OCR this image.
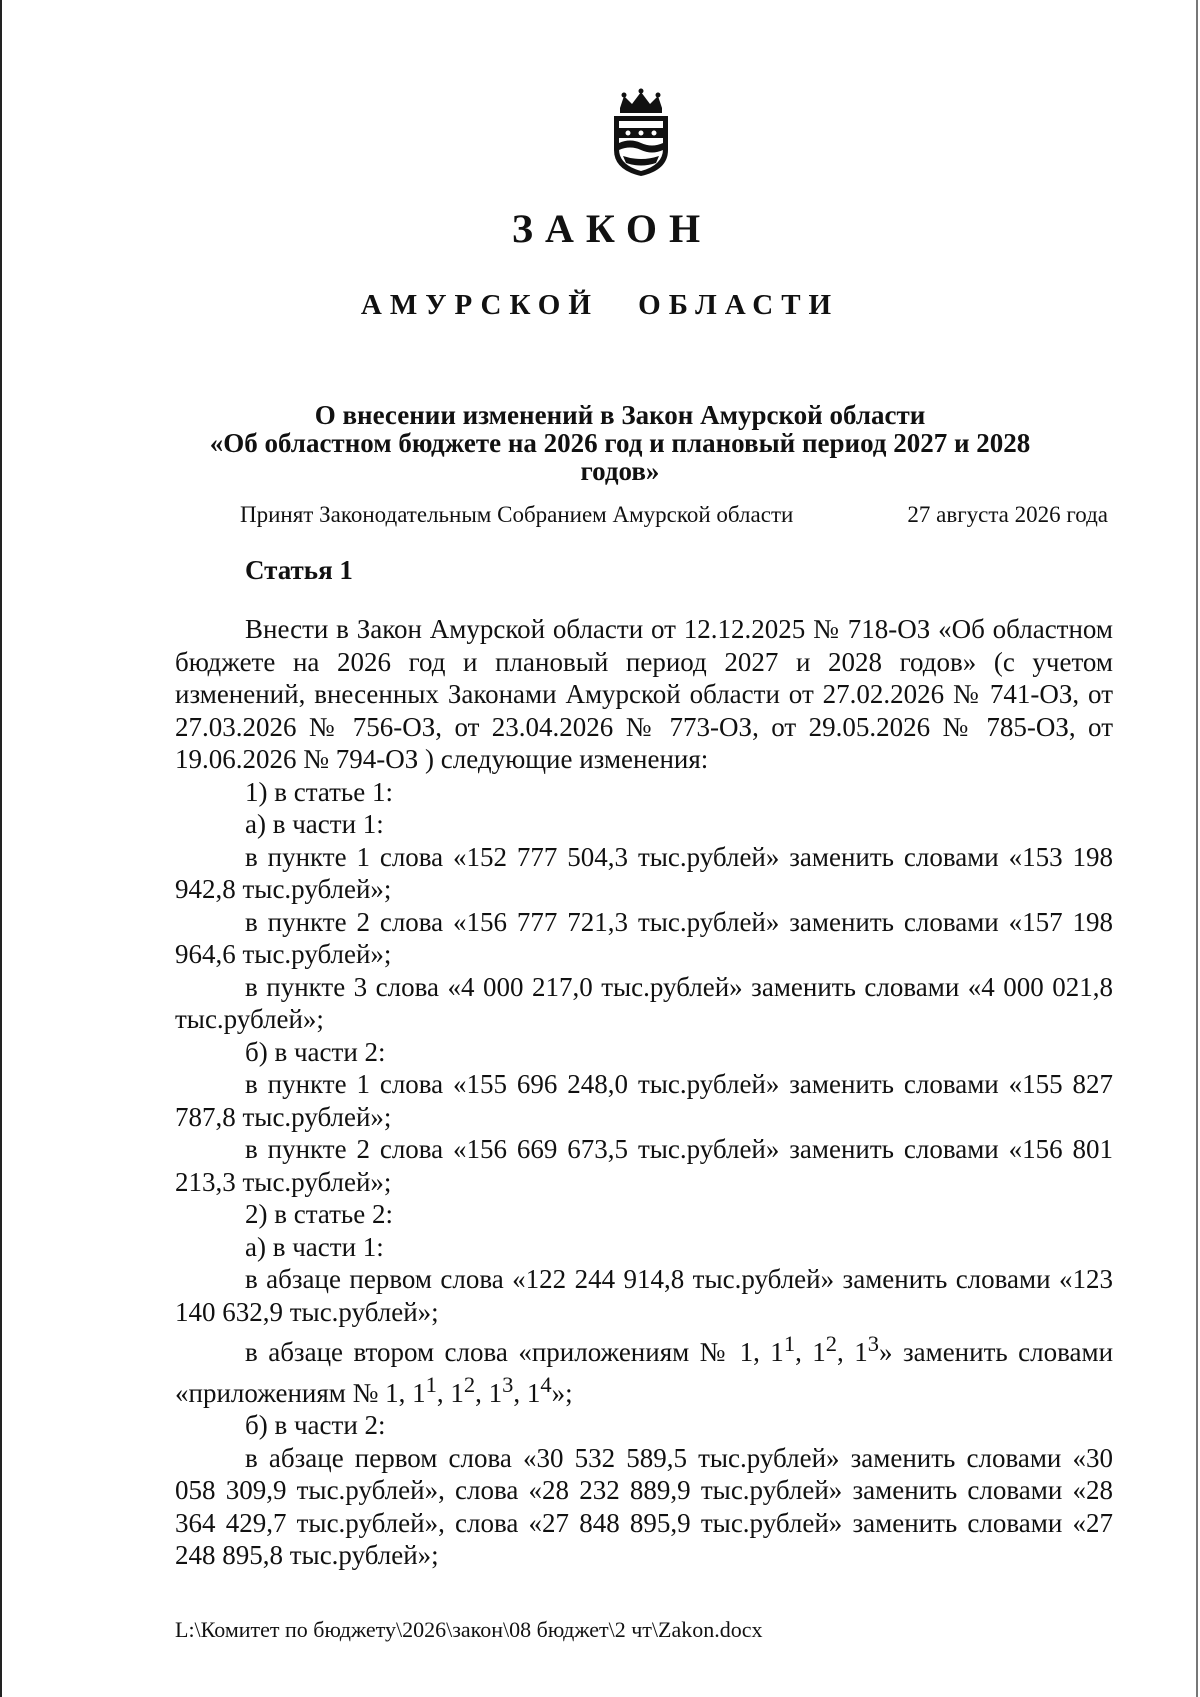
ЗАКОН
АМУРСКОЙ ОБЛАСТИ
О внесении изменений в Закон Амурской области
«Об областном бюджете на 2026 год и плановый период 2027 и 2028
годов»
Принят Законодательным Собранием Амурской области	27 августа 2026 года
Статья 1

Внести в Закон Амурской области от 12.12.2025 № 718-ОЗ «Об областном бюджете на 2026 год и плановый период 2027 и 2028 годов» (с учетом изменений, внесенных Законами Амурской области от 27.02.2026 № 741-ОЗ, от 27.03.2026 № 756-ОЗ, от 23.04.2026 № 773-ОЗ, от 29.05.2026 № 785-ОЗ, от 19.06.2026 № 794-ОЗ ) следующие изменения:

1) в статье 1:

а) в части 1:

в пункте 1 слова «152 777 504,3 тыс.рублей» заменить словами «153 198 942,8 тыс.рублей»;

в пункте 2 слова «156 777 721,3 тыс.рублей» заменить словами «157 198 964,6 тыс.рублей»;

в пункте 3 слова «4 000 217,0 тыс.рублей» заменить словами «4 000 021,8 тыс.рублей»;

б) в части 2:

в пункте 1 слова «155 696 248,0 тыс.рублей» заменить словами «155 827 787,8 тыс.рублей»;

в пункте 2 слова «156 669 673,5 тыс.рублей» заменить словами «156 801 213,3 тыс.рублей»;

2) в статье 2:

а) в части 1:

в абзаце первом слова «122 244 914,8 тыс.рублей» заменить словами «123 140 632,9 тыс.рублей»;

в абзаце втором слова «приложениям № 1, $1^1$, $1^2$, $1^3$» заменить словами «приложениям № 1, $1^1$, $1^2$, $1^3$, $1^4$»;

б) в части 2:

в абзаце первом слова «30 532 589,5 тыс.рублей» заменить словами «30 058 309,9 тыс.рублей», слова «28 232 889,9 тыс.рублей» заменить словами «28 364 429,7 тыс.рублей», слова «27 848 895,9 тыс.рублей» заменить словами «27 248 895,8 тыс.рублей»;

L:\Комитет по бюджету\2026\закон\08 бюджет\2 чт\Zakon.docx
